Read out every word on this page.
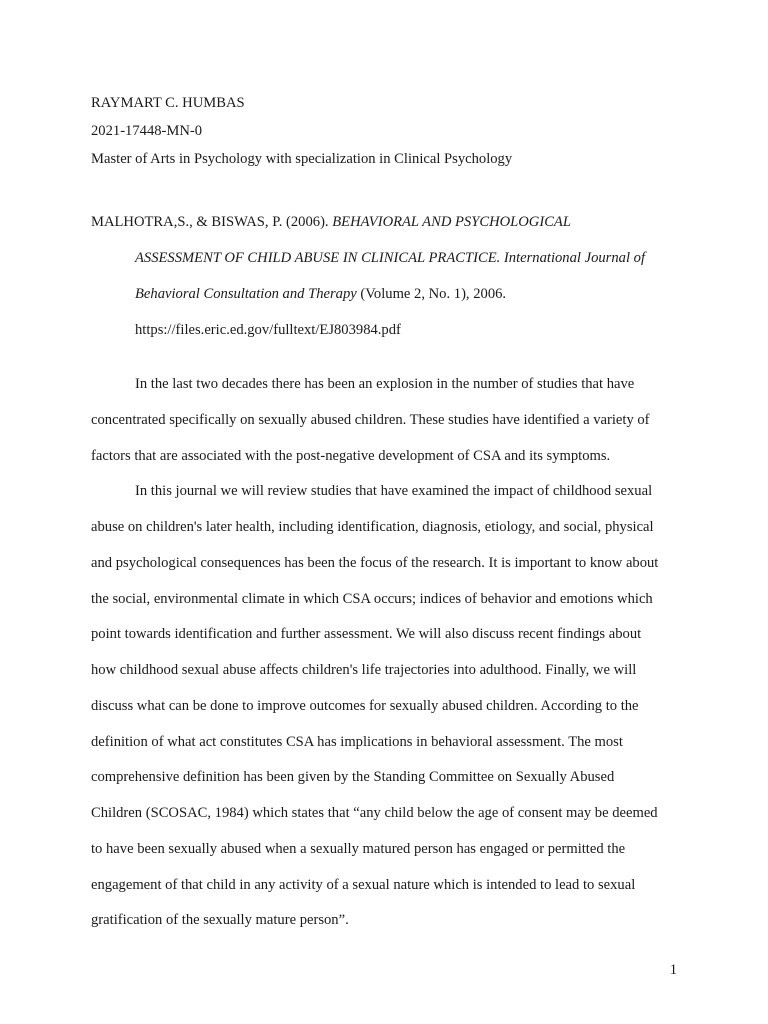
RAYMART C. HUMBAS
2021-17448-MN-0
Master of Arts in Psychology with specialization in Clinical Psychology
MALHOTRA,S., & BISWAS, P. (2006). BEHAVIORAL AND PSYCHOLOGICAL
ASSESSMENT OF CHILD ABUSE IN CLINICAL PRACTICE. International Journal of
Behavioral Consultation and Therapy (Volume 2, No. 1), 2006.
https://files.eric.ed.gov/fulltext/EJ803984.pdf
In the last two decades there has been an explosion in the number of studies that have
concentrated specifically on sexually abused children. These studies have identified a variety of
factors that are associated with the post-negative development of CSA and its symptoms.
In this journal we will review studies that have examined the impact of childhood sexual
abuse on children's later health, including identification, diagnosis, etiology, and social, physical
and psychological consequences has been the focus of the research. It is important to know about
the social, environmental climate in which CSA occurs; indices of behavior and emotions which
point towards identification and further assessment. We will also discuss recent findings about
how childhood sexual abuse affects children's life trajectories into adulthood. Finally, we will
discuss what can be done to improve outcomes for sexually abused children. According to the
definition of what act constitutes CSA has implications in behavioral assessment. The most
comprehensive definition has been given by the Standing Committee on Sexually Abused
Children (SCOSAC, 1984) which states that “any child below the age of consent may be deemed
to have been sexually abused when a sexually matured person has engaged or permitted the
engagement of that child in any activity of a sexual nature which is intended to lead to sexual
gratification of the sexually mature person”.
1
